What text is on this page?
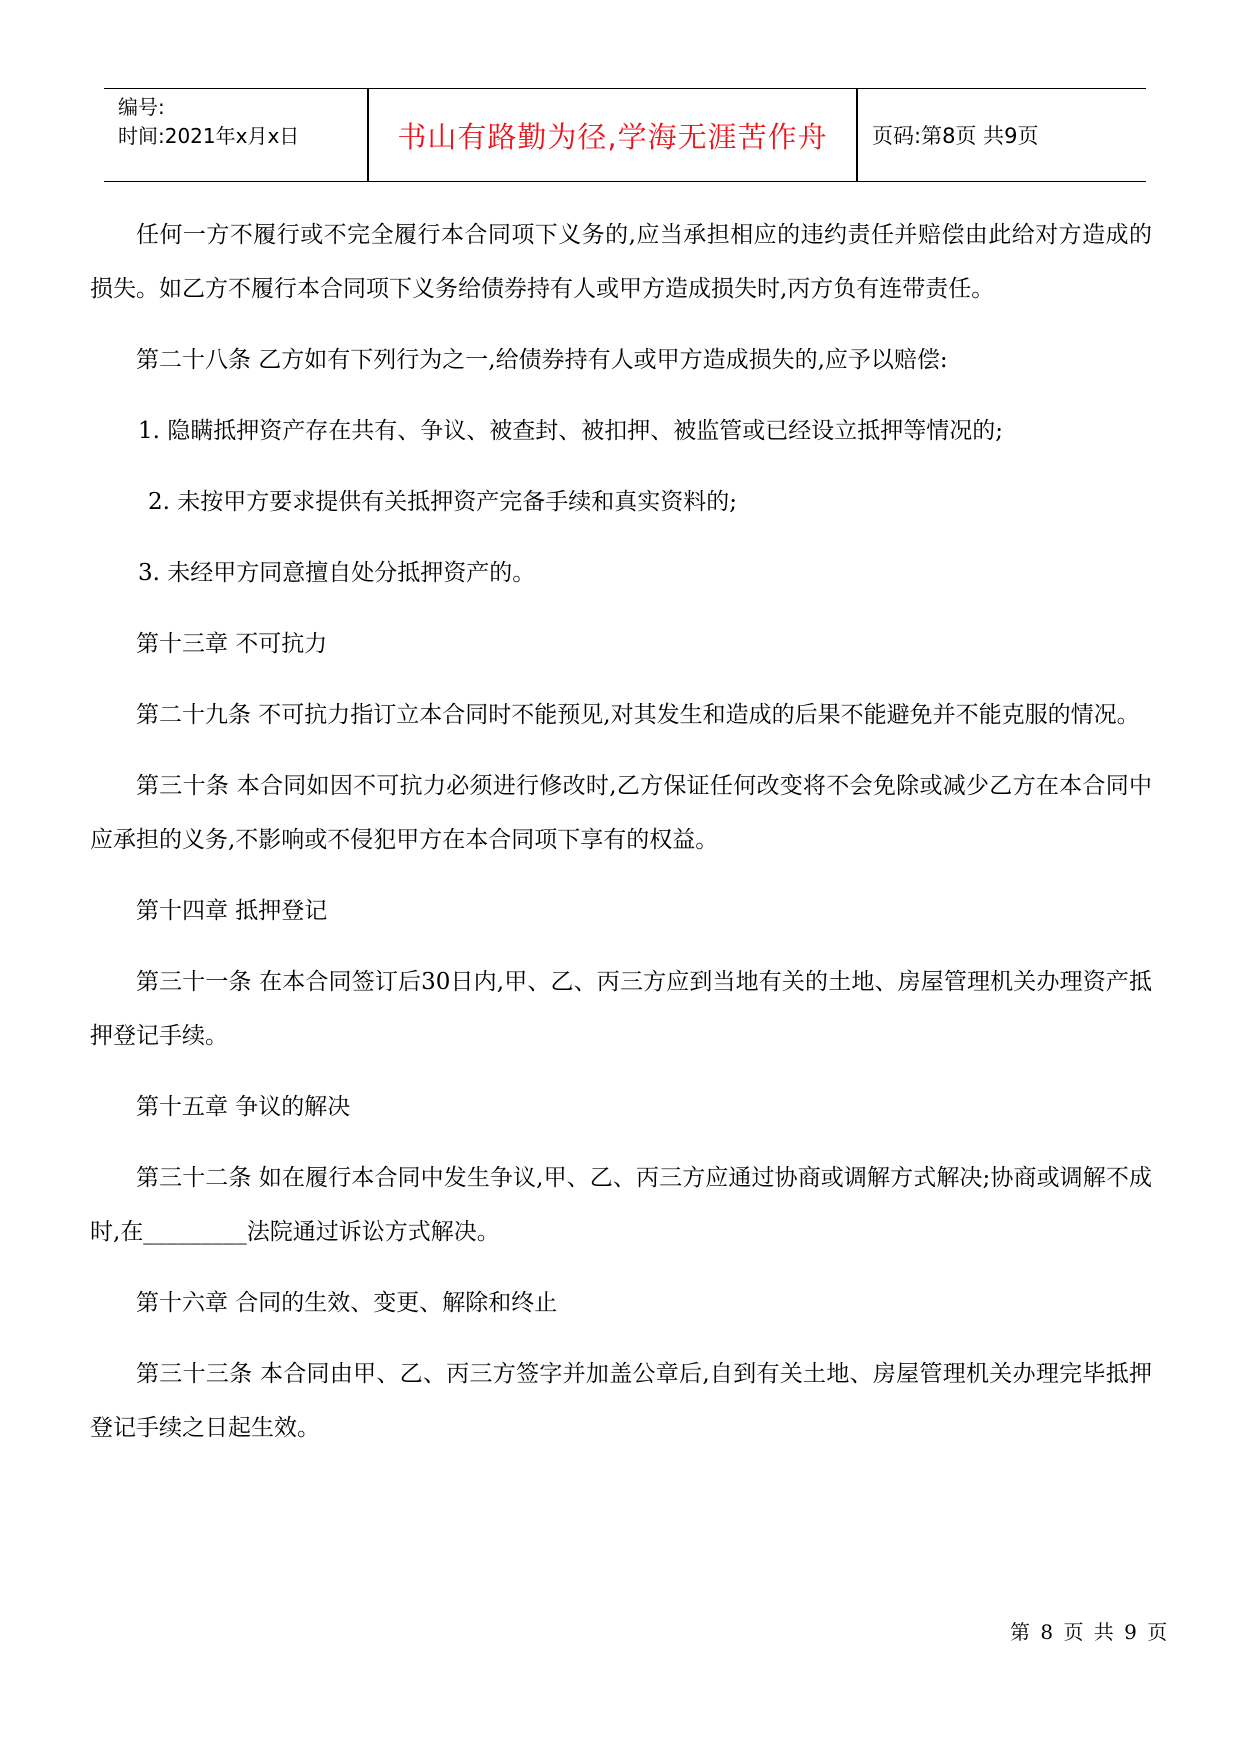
编号:
时间:2021年x月x日	书山有路勤为径,学海无涯苦作舟	页码:第8页 共9页

任何一方不履行或不完全履行本合同项下义务的,应当承担相应的违约责任并赔偿由此给对方造成的损失。如乙方不履行本合同项下义务给债券持有人或甲方造成损失时,丙方负有连带责任。

第二十八条 乙方如有下列行为之一,给债券持有人或甲方造成损失的,应予以赔偿:

1. 隐瞒抵押资产存在共有、争议、被查封、被扣押、被监管或已经设立抵押等情况的;

2. 未按甲方要求提供有关抵押资产完备手续和真实资料的;

3. 未经甲方同意擅自处分抵押资产的。

第十三章 不可抗力

第二十九条 不可抗力指订立本合同时不能预见,对其发生和造成的后果不能避免并不能克服的情况。

第三十条 本合同如因不可抗力必须进行修改时,乙方保证任何改变将不会免除或减少乙方在本合同中应承担的义务,不影响或不侵犯甲方在本合同项下享有的权益。

第十四章 抵押登记

第三十一条 在本合同签订后30日内,甲、乙、丙三方应到当地有关的土地、房屋管理机关办理资产抵押登记手续。

第十五章 争议的解决

第三十二条 如在履行本合同中发生争议,甲、乙、丙三方应通过协商或调解方式解决;协商或调解不成时,在_________法院通过诉讼方式解决。

第十六章 合同的生效、变更、解除和终止

第三十三条 本合同由甲、乙、丙三方签字并加盖公章后,自到有关土地、房屋管理机关办理完毕抵押登记手续之日起生效。

第 8 页 共 9 页
